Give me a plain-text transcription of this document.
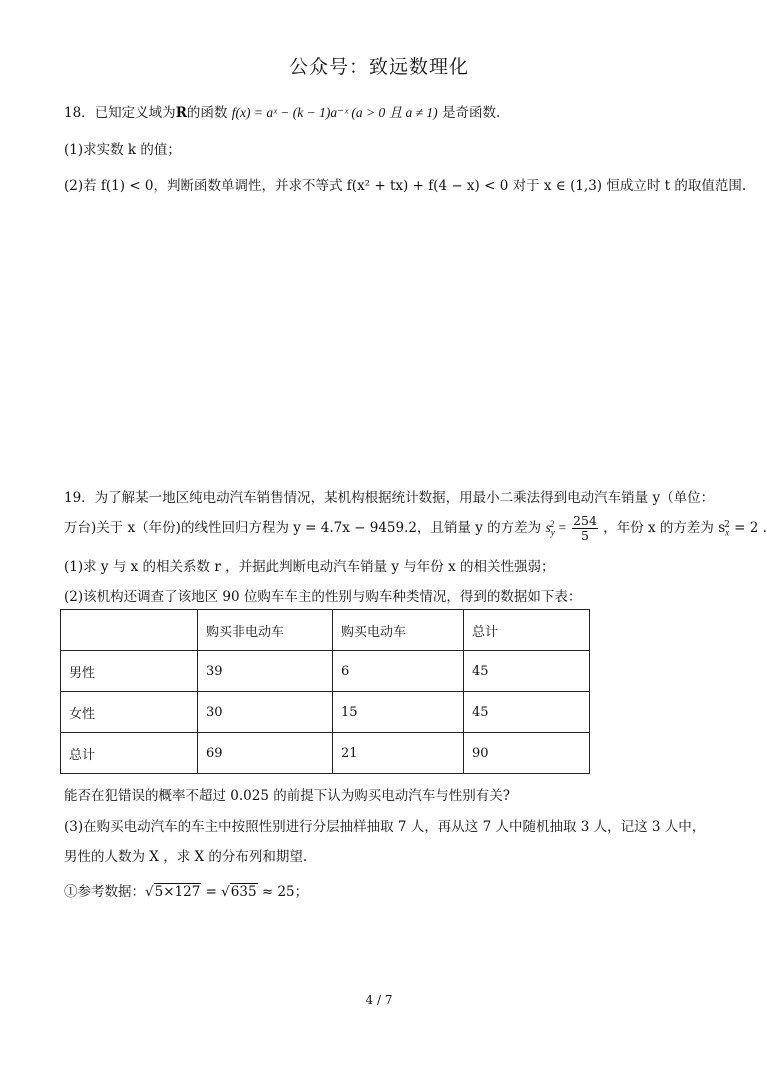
公众号：致远数理化
18．已知定义域为R的函数 f(x) = aˣ − (k − 1)a⁻ˣ (a > 0 且 a ≠ 1) 是奇函数.
(1)求实数 k 的值；
(2)若 f(1) < 0，判断函数单调性，并求不等式 f(x² + tx) + f(4 − x) < 0 对于 x ∈ (1,3) 恒成立时 t 的取值范围.
19．为了解某一地区纯电动汽车销售情况，某机构根据统计数据，用最小二乘法得到电动汽车销量 y（单位：
万台)关于 x（年份)的线性回归方程为 y = 4.7x − 9459.2，且销量 y 的方差为 $s_y^2 = \frac{254}{5}$ ，年份 x 的方差为 $s_x^2 = 2$ .
(1)求 y 与 x 的相关系数 r ，并据此判断电动汽车销量 y 与年份 x 的相关性强弱；
(2)该机构还调查了该地区 90 位购车车主的性别与购车种类情况，得到的数据如下表：
	购买非电动车	购买电动车	总计
男性	39	6	45
女性	30	15	45
总计	69	21	90
能否在犯错误的概率不超过 0.025 的前提下认为购买电动汽车与性别有关?
(3)在购买电动汽车的车主中按照性别进行分层抽样抽取 7 人，再从这 7 人中随机抽取 3 人，记这 3 人中，
男性的人数为 X ，求 X 的分布列和期望.
①参考数据：√5×127 = √635 ≈ 25；
4 / 7
